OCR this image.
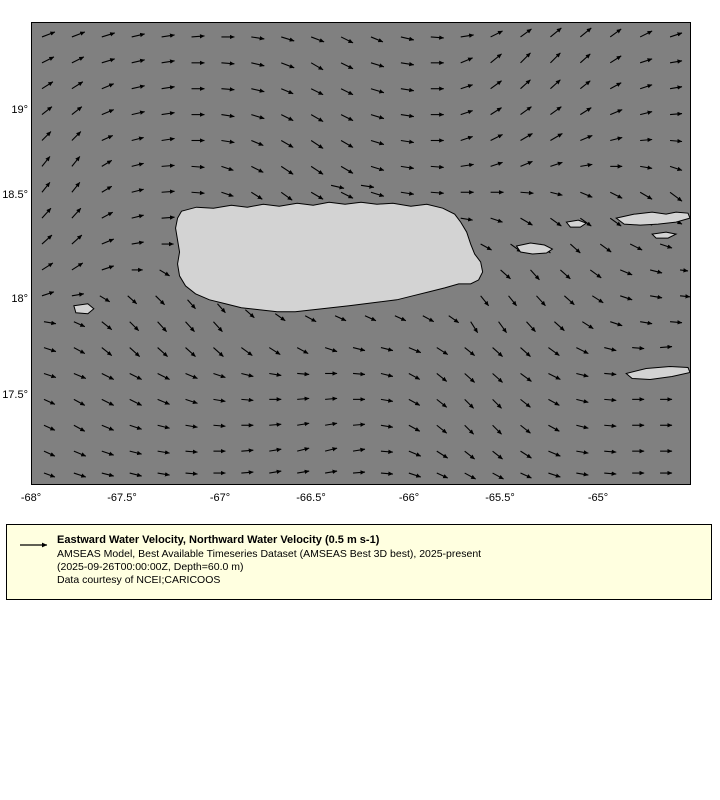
-68°	-67.5°	-67°	-66.5°	-66°	-65.5°	-65°
19°
18.5°
18°
17.5°

Eastward Water Velocity, Northward Water Velocity (0.5 m s-1)

AMSEAS Model, Best Available Timeseries Dataset (AMSEAS Best 3D best), 2025-present

(2025-09-26T00:00:00Z, Depth=60.0 m)

Data courtesy of NCEI;CARICOOS
